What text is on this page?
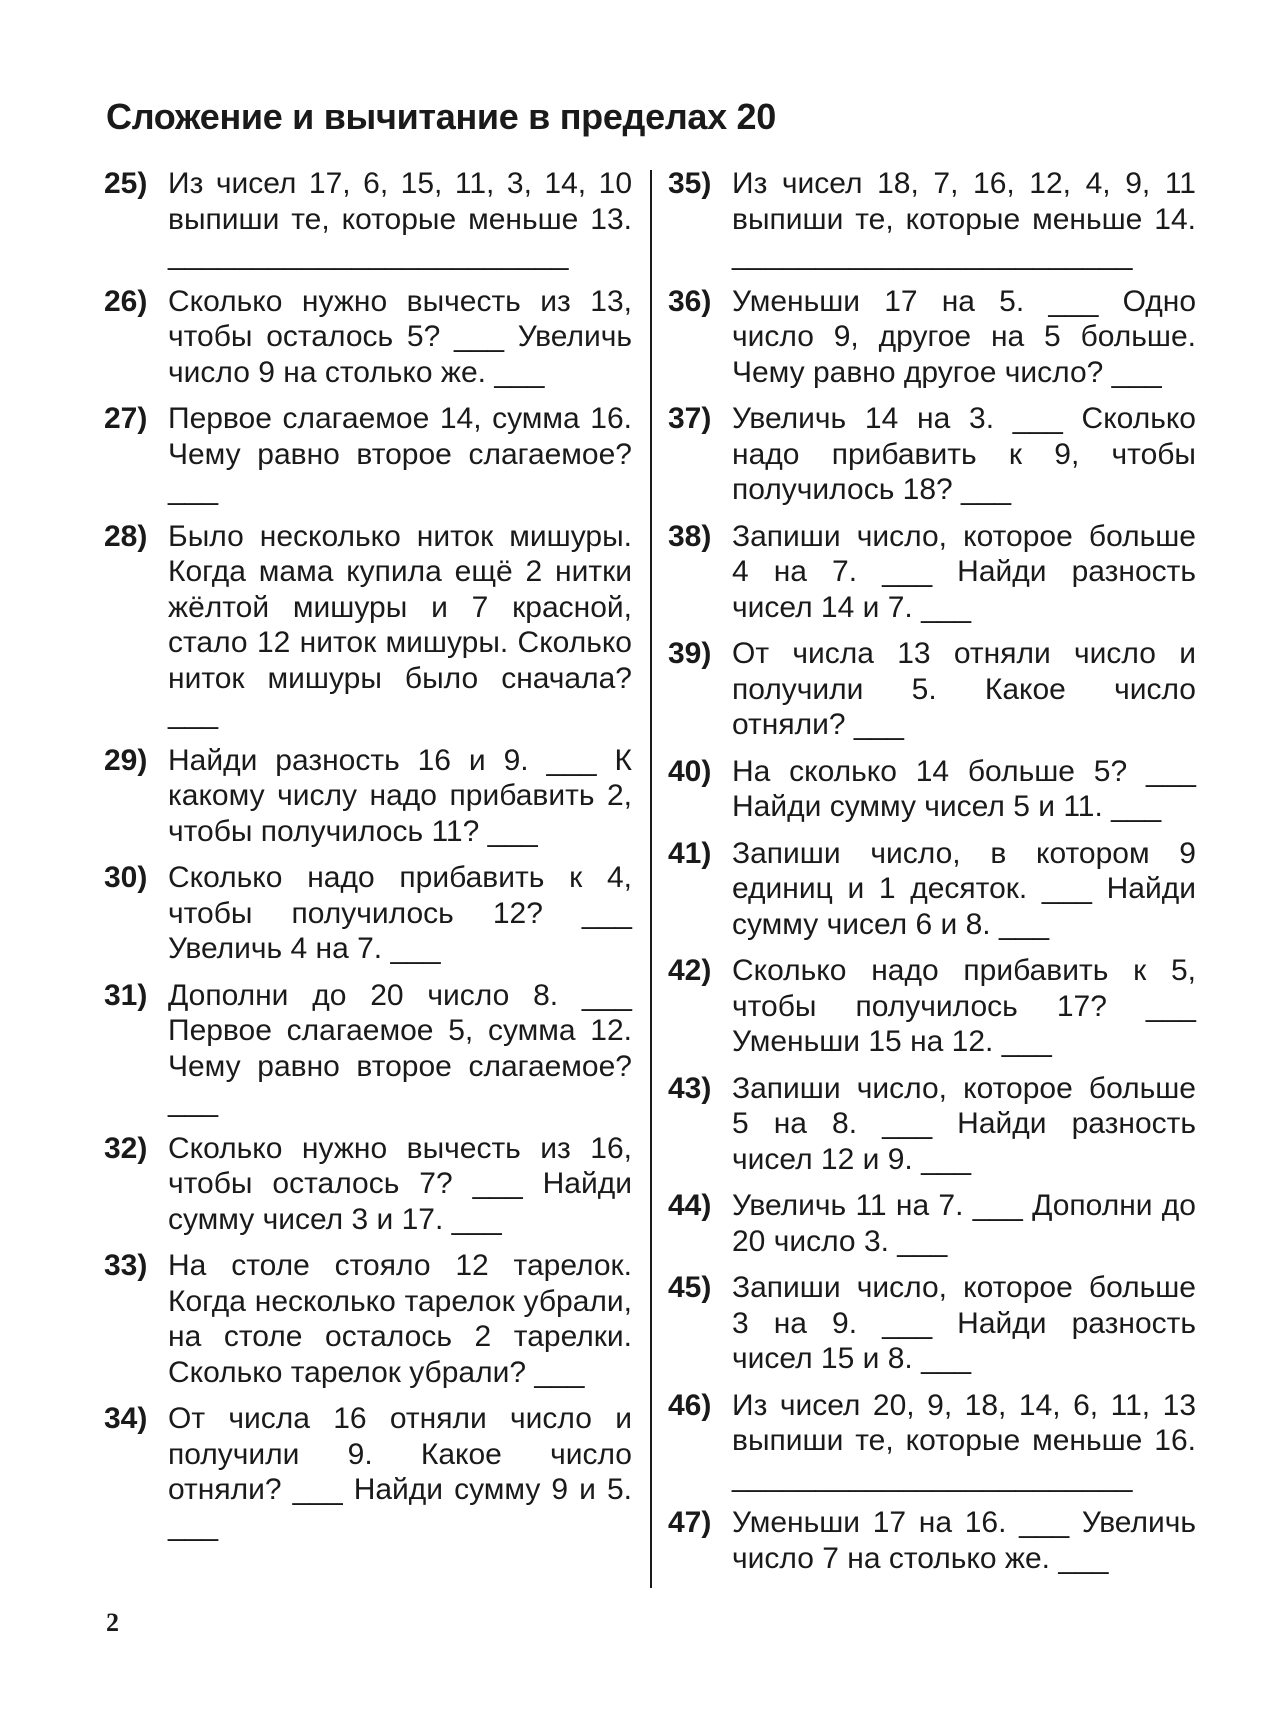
Сложение и вычитание в пределах 20
25) Из чисел 17, 6, 15, 11, 3, 14, 10 выпиши те, которые меньше 13. ________________________
26) Сколько нужно вычесть из 13, чтобы осталось 5? ___ Увеличь число 9 на столько же. ___
27) Первое слагаемое 14, сумма 16. Чему равно второе слагаемое? ___
28) Было несколько ниток мишуры. Когда мама купила ещё 2 нитки жёлтой мишуры и 7 красной, стало 12 ниток мишуры. Сколько ниток мишуры было сначала? ___
29) Найди разность 16 и 9. ___ К какому числу надо прибавить 2, чтобы получилось 11? ___
30) Сколько надо прибавить к 4, чтобы получилось 12? ___ Увеличь 4 на 7. ___
31) Дополни до 20 число 8. ___ Первое слагаемое 5, сумма 12. Чему равно второе слагаемое? ___
32) Сколько нужно вычесть из 16, чтобы осталось 7? ___ Найди сумму чисел 3 и 17. ___
33) На столе стояло 12 тарелок. Когда несколько тарелок убрали, на столе осталось 2 тарелки. Сколько тарелок убрали? ___
34) От числа 16 отняли число и получили 9. Какое число отняли? ___ Найди сумму 9 и 5. ___
35) Из чисел 18, 7, 16, 12, 4, 9, 11 выпиши те, которые меньше 14. ________________________
36) Уменьши 17 на 5. ___ Одно число 9, другое на 5 больше. Чему равно другое число? ___
37) Увеличь 14 на 3. ___ Сколько надо прибавить к 9, чтобы получилось 18? ___
38) Запиши число, которое больше 4 на 7. ___ Найди разность чисел 14 и 7. ___
39) От числа 13 отняли число и получили 5. Какое число отняли? ___
40) На сколько 14 больше 5? ___ Найди сумму чисел 5 и 11. ___
41) Запиши число, в котором 9 единиц и 1 десяток. ___ Найди сумму чисел 6 и 8. ___
42) Сколько надо прибавить к 5, чтобы получилось 17? ___ Уменьши 15 на 12. ___
43) Запиши число, которое больше 5 на 8. ___ Найди разность чисел 12 и 9. ___
44) Увеличь 11 на 7. ___ Дополни до 20 число 3. ___
45) Запиши число, которое больше 3 на 9. ___ Найди разность чисел 15 и 8. ___
46) Из чисел 20, 9, 18, 14, 6, 11, 13 выпиши те, которые меньше 16. ________________________
47) Уменьши 17 на 16. ___ Увеличь число 7 на столько же. ___
2
